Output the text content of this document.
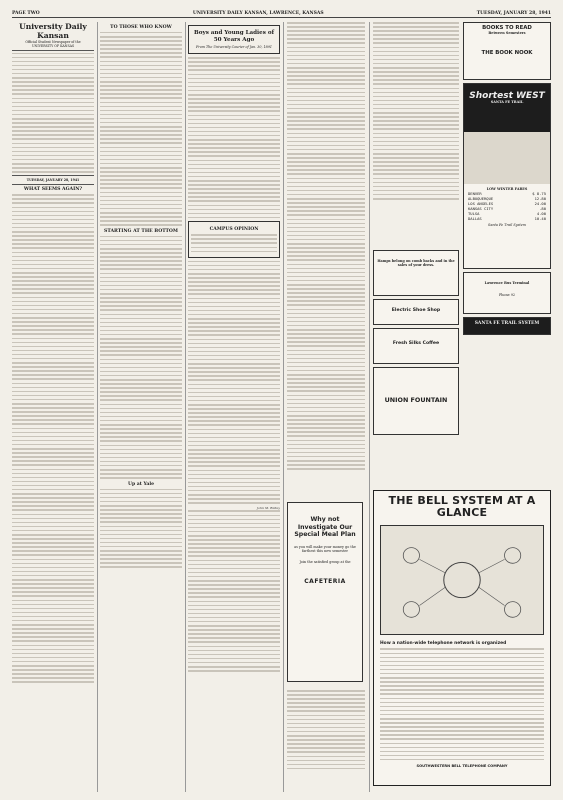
PAGE TWO	UNIVERSITY DAILY KANSAN, LAWRENCE, KANSAS	TUESDAY, JANUARY 28, 1941
University Daily Kansan
Official Student Newspaper of the
UNIVERSITY OF KANSAS
TUESDAY, JANUARY 28, 1941
WHAT SEEMS AGAIN?
TO THOSE WHO KNOW
STARTING AT THE BOTTOM
Up at Yale
Boys and Young Ladies of 50 Years Ago
From The University Courier of Jan. 30, 1891
CAMPUS OPINION
John M. Ridley
Why not Investigate Our Special Meal Plan
as you will make your money go the farthest this new semester
Join the satisfied group at the
CAFETERIA
Hamps belong on comb backs and in the sales of your dress.
Electric Shoe Shop
Fresh Silks Coffee
UNION FOUNTAIN
BOOKS TO READ
Between Semesters
THE BOOK NOOK
Shortest WEST
SANTA FE TRAIL
LOW WINTER FARES
DENVER	$ 8.75
ALBUQUERQUE	12.80
LOS ANGELES	24.00
KANSAS CITY	.80
TULSA	4.00
DALLAS	10.40
Santa Fe Trail System
Lawrence Bus Terminal
Phone 92
SANTA FE TRAIL SYSTEM
THE BELL SYSTEM AT A GLANCE
How a nation-wide telephone network is organized
SOUTHWESTERN BELL TELEPHONE COMPANY
